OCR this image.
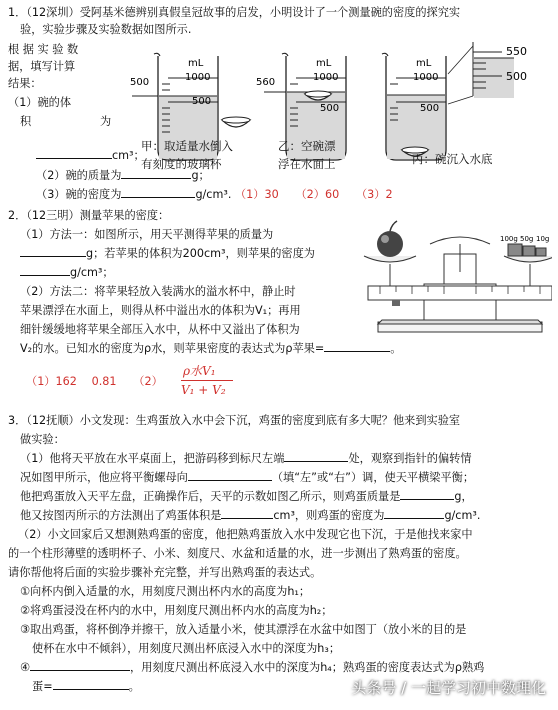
1．（12深圳）受阿基米德辨别真假皇冠故事的启发，小明设计了一个测量碗的密度的探究实
验，实验步骤及实验数据如图所示.
根 据 实 验 数
据，填写计算
结果：
（1）碗的体
积	为
cm³；
（2）碗的质量为	g；
（3）碗的密度为	g/cm³. （1）30　　（2）60　　（3）2
mL
1000
500
500
mL
1000
500
560
mL
1000
500
550
500
甲：取适量水倒入
有刻度的玻璃杯
乙：空碗漂
浮在水面上	丙：碗沉入水底
2．（12三明）测量苹果的密度：
（1）方法一：如图所示，用天平测得苹果的质量为
g；若苹果的体积为200cm³，则苹果的密度为
g/cm³；
（2）方法二：将苹果轻放入装满水的溢水杯中，静止时
苹果漂浮在水面上，则得从杯中溢出水的体积为V₁；再用
细针缓缓地将苹果全部压入水中，从杯中又溢出了体积为
V₂的水。已知水的密度为ρ水，则苹果密度的表达式为ρ苹果=	。
（1）162　 0.81　　（2）
ρ水V₁
V₁ + V₂
100g 50g 10g
3．（12抚顺）小文发现：生鸡蛋放入水中会下沉，鸡蛋的密度到底有多大呢？他来到实验室
做实验：
（1）他将天平放在水平桌面上，把游码移到标尺左端	处，观察到指针的偏转情
况如图甲所示，他应将平衡螺母向	（填“左”或“右”）调，使天平横梁平衡；
他把鸡蛋放入天平左盘，正确操作后，天平的示数如图乙所示，则鸡蛋质量是	g，
他又按图丙所示的方法测出了鸡蛋体积是	cm³，则鸡蛋的密度为	g/cm³.
（2）小文回家后又想测熟鸡蛋的密度，他把熟鸡蛋放入水中发现它也下沉，于是他找来家中
的一个柱形薄壁的透明杯子、小米、刻度尺、水盆和适量的水，进一步测出了熟鸡蛋的密度。
请你帮他将后面的实验步骤补充完整，并写出熟鸡蛋的表达式。
①向杯内倒入适量的水，用刻度尺测出杯内水的高度为h₁；
②将鸡蛋浸没在杯内的水中，用刻度尺测出杯内水的高度为h₂；
③取出鸡蛋，将杯倒净并擦干，放入适量小米，使其漂浮在水盆中如图丁（放小米的目的是
使杯在水中不倾斜），用刻度尺测出杯底浸入水中的深度为h₃；
④	，用刻度尺测出杯底浸入水中的深度为h₄；熟鸡蛋的密度表达式为ρ熟鸡
蛋=	。	头条号 / 一起学习初中数理化
